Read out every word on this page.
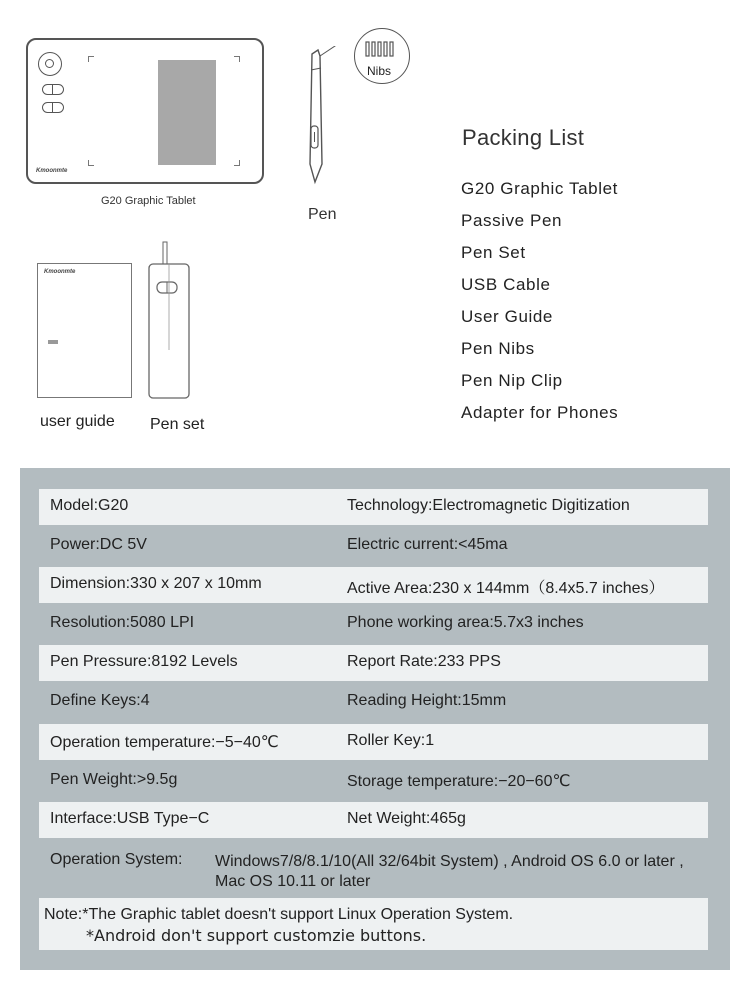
Kmoonmte
G20 Graphic Tablet
Nibs
Pen
Kmoonmte
user guide Pen set
Packing List
G20 Graphic Tablet
Passive Pen
Pen Set
USB Cable
User Guide
Pen Nibs
Pen Nip Clip
Adapter for Phones
Model:G20	Technology:Electromagnetic Digitization
Power:DC 5V	Electric current:<45ma
Dimension:330 x 207 x 10mm	Active Area:230 x 144mm（8.4x5.7 inches）
Resolution:5080 LPI	Phone working area:5.7x3 inches
Pen Pressure:8192 Levels	Report Rate:233 PPS
Define Keys:4	Reading Height:15mm
Operation temperature:−5−40℃	Roller Key:1
Pen Weight:>9.5g	Storage temperature:−20−60℃
Interface:USB Type−C	Net Weight:465g
Operation System: Windows7/8/8.1/10(All 32/64bit System) , Android OS 6.0 or later , Mac OS 10.11 or later
Note:*The Graphic tablet doesn't support Linux Operation System.
*Android don't support customzie buttons.
